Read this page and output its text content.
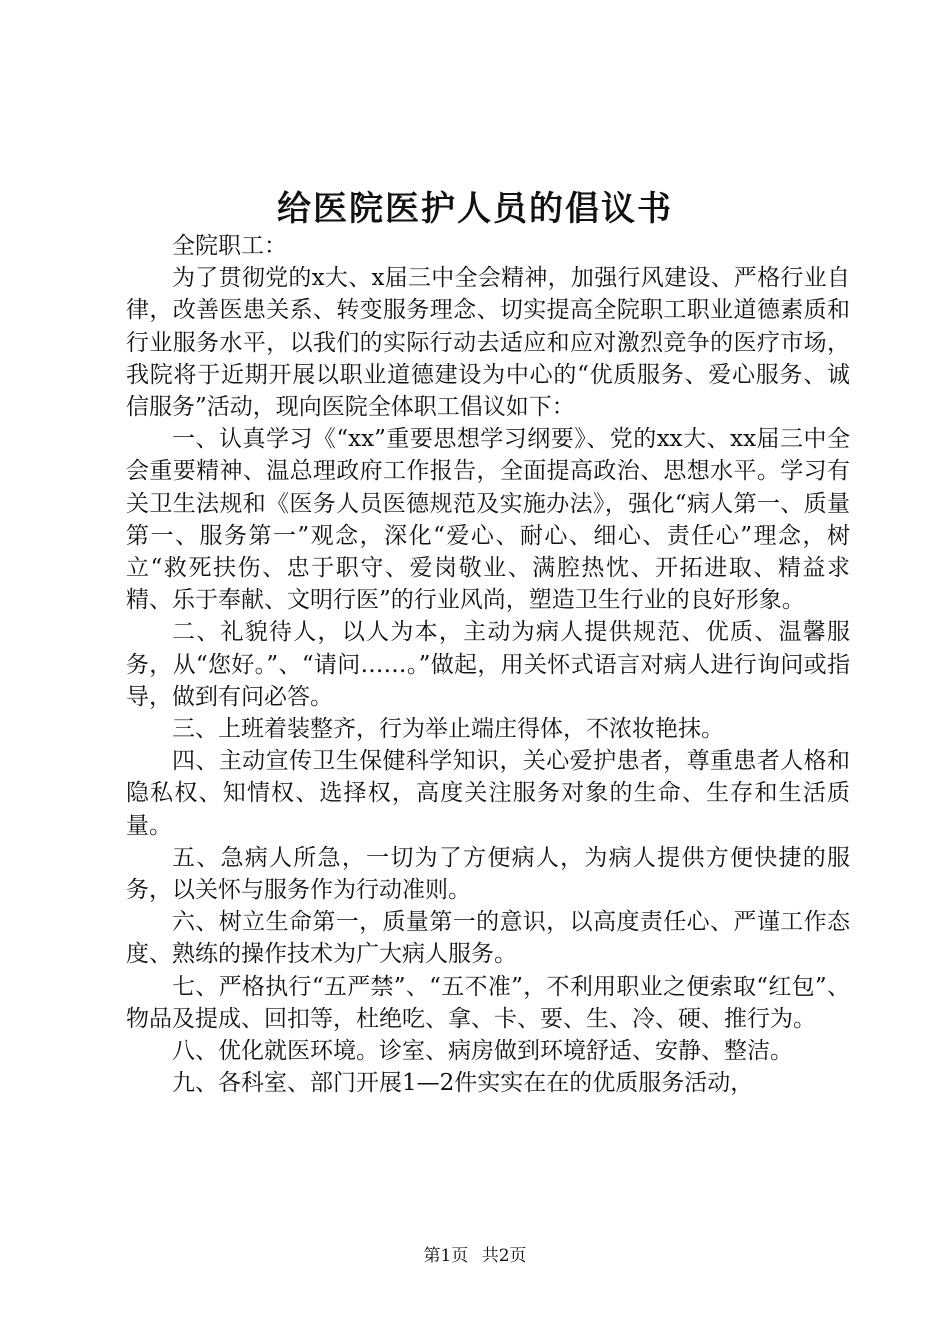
给医院医护人员的倡议书

全院职工：

为了贯彻党的x大、x届三中全会精神，加强行风建设、严格行业自律，改善医患关系、转变服务理念、切实提高全院职工职业道德素质和行业服务水平，以我们的实际行动去适应和应对激烈竞争的医疗市场，我院将于近期开展以职业道德建设为中心的“优质服务、爱心服务、诚信服务”活动，现向医院全体职工倡议如下：

一、认真学习《“xx”重要思想学习纲要》、党的xx大、xx届三中全会重要精神、温总理政府工作报告，全面提高政治、思想水平。学习有关卫生法规和《医务人员医德规范及实施办法》，强化“病人第一、质量第一、服务第一”观念，深化“爱心、耐心、细心、责任心”理念，树立“救死扶伤、忠于职守、爱岗敬业、满腔热忱、开拓进取、精益求精、乐于奉献、文明行医”的行业风尚，塑造卫生行业的良好形象。

二、礼貌待人，以人为本，主动为病人提供规范、优质、温馨服务，从“您好。”、“请问……。”做起，用关怀式语言对病人进行询问或指导，做到有问必答。

三、上班着装整齐，行为举止端庄得体，不浓妆艳抹。

四、主动宣传卫生保健科学知识，关心爱护患者，尊重患者人格和隐私权、知情权、选择权，高度关注服务对象的生命、生存和生活质量。

五、急病人所急，一切为了方便病人，为病人提供方便快捷的服务，以关怀与服务作为行动准则。

六、树立生命第一，质量第一的意识，以高度责任心、严谨工作态度、熟练的操作技术为广大病人服务。

七、严格执行“五严禁”、“五不准”，不利用职业之便索取“红包”、物品及提成、回扣等，杜绝吃、拿、卡、要、生、冷、硬、推行为。

八、优化就医环境。诊室、病房做到环境舒适、安静、整洁。

九、各科室、部门开展1—2件实实在在的优质服务活动，

第1页 共2页
